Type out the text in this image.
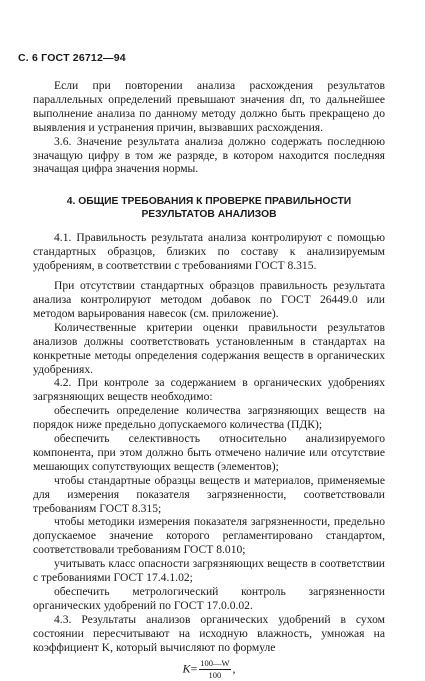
С. 6 ГОСТ 26712—94

Если при повторении анализа расхождения результатов параллельных определений превышают значения dп, то дальнейшее выполнение анализа по данному методу должно быть прекращено до выявления и устранения причин, вызвавших расхождения.

3.6. Значение результата анализа должно содержать последнюю значащую цифру в том же разряде, в котором находится последняя значащая цифра значения нормы.

4. ОБЩИЕ ТРЕБОВАНИЯ К ПРОВЕРКЕ ПРАВИЛЬНОСТИ
РЕЗУЛЬТАТОВ АНАЛИЗОВ

4.1. Правильность результата анализа контролируют с помощью стандартных образцов, близких по составу к анализируемым удобрениям, в соответствии с требованиями ГОСТ 8.315.

При отсутствии стандартных образцов правильность результата анализа контролируют методом добавок по ГОСТ 26449.0 или методом варьирования навесок (см. приложение).

Количественные критерии оценки правильности результатов анализов должны соответствовать установленным в стандартах на конкретные методы определения содержания веществ в органических удобрениях.

4.2. При контроле за содержанием в органических удобрениях загрязняющих веществ необходимо:

обеспечить определение количества загрязняющих веществ на порядок ниже предельно допускаемого количества (ПДК);

обеспечить селективность относительно анализируемого компонента, при этом должно быть отмечено наличие или отсутствие мешающих сопутствующих веществ (элементов);

чтобы стандартные образцы веществ и материалов, применяемые для измерения показателя загрязненности, соответствовали требованиям ГОСТ 8.315;

чтобы методики измерения показателя загрязненности, предельно допускаемое значение которого регламентировано стандартом, соответствовали требованиям ГОСТ 8.010;

учитывать класс опасности загрязняющих веществ в соответствии с требованиями ГОСТ 17.4.1.02;

обеспечить метрологический контроль загрязненности органических удобрений по ГОСТ 17.0.0.02.

4.3. Результаты анализов органических удобрений в сухом состоянии пересчитывают на исходную влажность, умножая на коэффициент K, который вычисляют по формуле

$K= \frac{100—W}{100}$ ,
